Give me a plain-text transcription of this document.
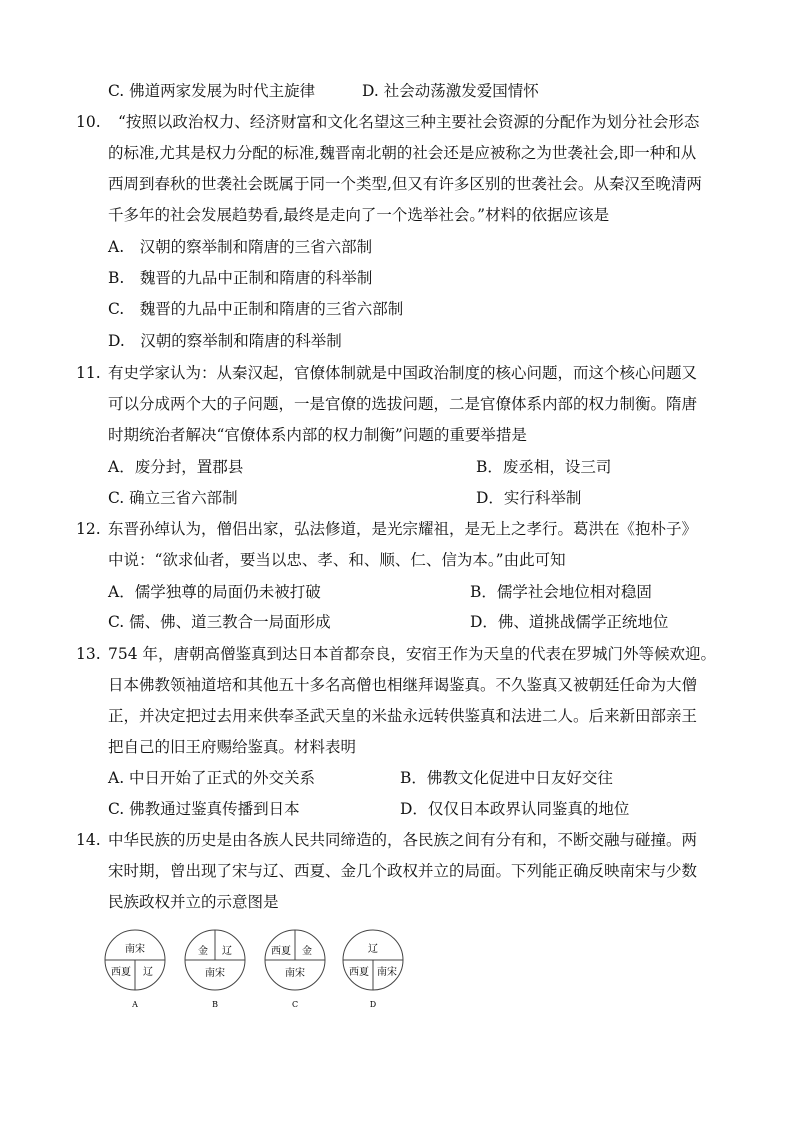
C. 佛道两家发展为时代主旋律	D. 社会动荡激发爱国情怀
10. “按照以政治权力、经济财富和文化名望这三种主要社会资源的分配作为划分社会形态
的标准,尤其是权力分配的标准,魏晋南北朝的社会还是应被称之为世袭社会,即一种和从
西周到春秋的世袭社会既属于同一个类型,但又有许多区别的世袭社会。从秦汉至晚清两
千多年的社会发展趋势看,最终是走向了一个选举社会。”材料的依据应该是
A.　汉朝的察举制和隋唐的三省六部制
B.　魏晋的九品中正制和隋唐的科举制
C.　魏晋的九品中正制和隋唐的三省六部制
D.　汉朝的察举制和隋唐的科举制
11. 有史学家认为：从秦汉起，官僚体制就是中国政治制度的核心问题，而这个核心问题又
可以分成两个大的子问题，一是官僚的选拔问题，二是官僚体系内部的权力制衡。隋唐
时期统治者解决“官僚体系内部的权力制衡”问题的重要举措是
A．废分封，置郡县	B．废丞相，设三司
C. 确立三省六部制	D．实行科举制
12. 东晋孙绰认为，僧侣出家，弘法修道，是光宗耀祖，是无上之孝行。葛洪在《抱朴子》
中说：“欲求仙者，要当以忠、孝、和、顺、仁、信为本。”由此可知
A．儒学独尊的局面仍未被打破	B．儒学社会地位相对稳固
C. 儒、佛、道三教合一局面形成	D．佛、道挑战儒学正统地位
13. 754 年，唐朝高僧鉴真到达日本首都奈良，安宿王作为天皇的代表在罗城门外等候欢迎。
日本佛教领袖道培和其他五十多名高僧也相继拜谒鉴真。不久鉴真又被朝廷任命为大僧
正，并决定把过去用来供奉圣武天皇的米盐永远转供鉴真和法进二人。后来新田部亲王
把自己的旧王府赐给鉴真。材料表明
A. 中日开始了正式的外交关系	B．佛教文化促进中日友好交往
C. 佛教通过鉴真传播到日本	D．仅仅日本政界认同鉴真的地位
14. 中华民族的历史是由各族人民共同缔造的，各民族之间有分有和，不断交融与碰撞。两
宋时期，曾出现了宋与辽、西夏、金几个政权并立的局面。下列能正确反映南宋与少数
民族政权并立的示意图是
南宋
西夏 辽
A
金 辽
南宋
B
西夏 金
南宋
C
辽
西夏 南宋
D
